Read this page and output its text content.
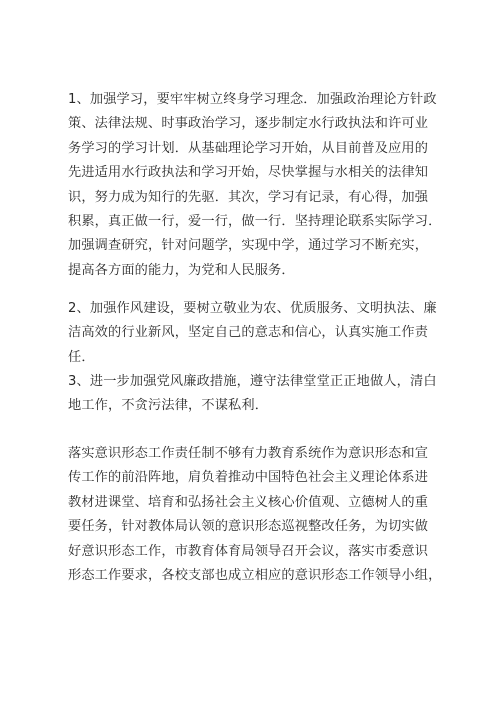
1、加强学习，要牢牢树立终身学习理念．加强政治理论方针政
策、法律法规、时事政治学习，逐步制定水行政执法和许可业
务学习的学习计划．从基础理论学习开始，从目前普及应用的
先进适用水行政执法和学习开始，尽快掌握与水相关的法律知
识，努力成为知行的先驱．其次，学习有记录，有心得，加强
积累，真正做一行，爱一行，做一行．坚持理论联系实际学习．
加强调查研究，针对问题学，实现中学，通过学习不断充实，
提高各方面的能力，为党和人民服务．

2、加强作风建设，要树立敬业为农、优质服务、文明执法、廉
洁高效的行业新风，坚定自己的意志和信心，认真实施工作责
任．

3、进一步加强党风廉政措施，遵守法律堂堂正正地做人，清白
地工作，不贪污法律，不谋私利．

落实意识形态工作责任制不够有力教育系统作为意识形态和宣
传工作的前沿阵地，肩负着推动中国特色社会主义理论体系进
教材进课堂、培育和弘扬社会主义核心价值观、立德树人的重
要任务，针对教体局认领的意识形态巡视整改任务，为切实做
好意识形态工作，市教育体育局领导召开会议，落实市委意识
形态工作要求，各校支部也成立相应的意识形态工作领导小组，
